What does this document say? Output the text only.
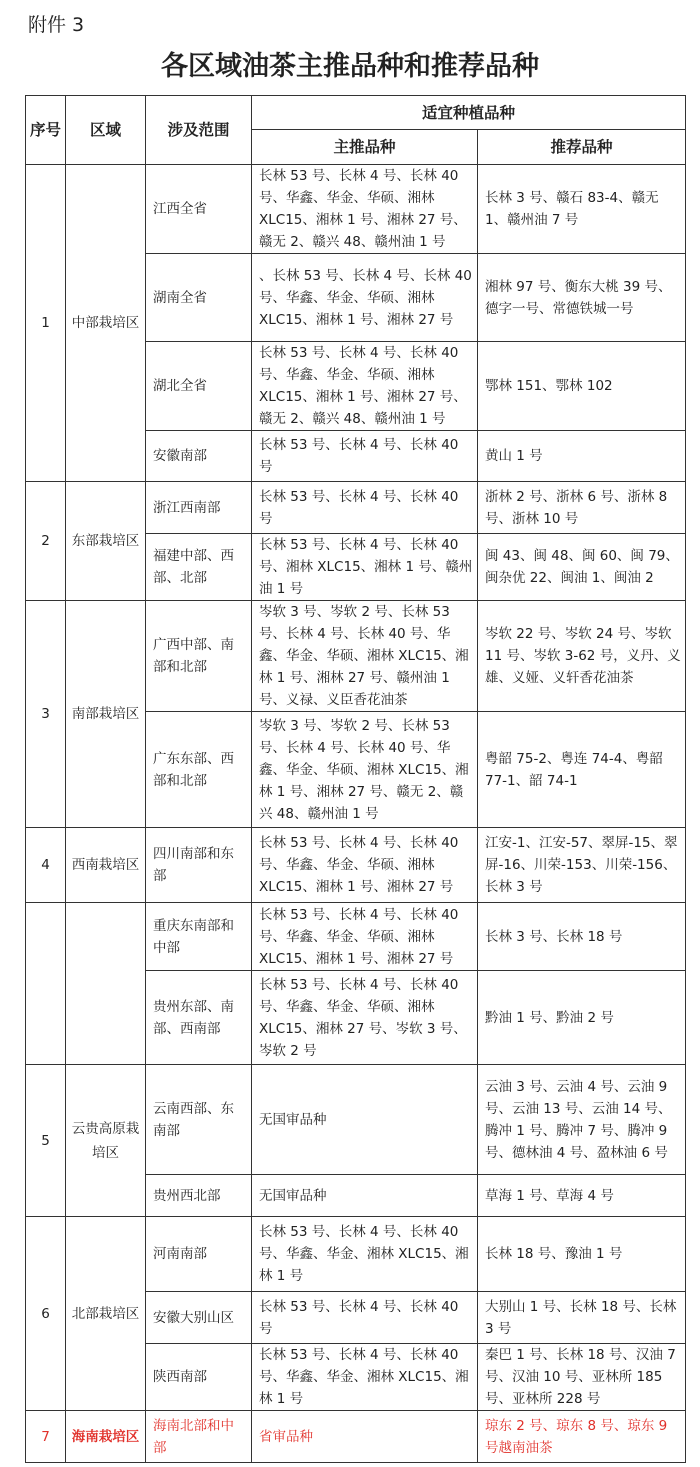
附件 3
各区域油茶主推品种和推荐品种
序号	区域	涉及范围	适宜种植品种	
			主推品种	推荐品种
1	中部栽培区	江西全省	长林 53 号、长林 4 号、长林 40 号、华鑫、华金、华硕、湘林 XLC15、湘林 1 号、湘林 27 号、赣无 2、赣兴 48、赣州油 1 号	长林 3 号、赣石 83-4、赣无 1、赣州油 7 号
		湖南全省	、长林 53 号、长林 4 号、长林 40 号、华鑫、华金、华硕、湘林 XLC15、湘林 1 号、湘林 27 号	湘林 97 号、衡东大桃 39 号、德字一号、常德铁城一号
		湖北全省	长林 53 号、长林 4 号、长林 40 号、华鑫、华金、华硕、湘林 XLC15、湘林 1 号、湘林 27 号、赣无 2、赣兴 48、赣州油 1 号	鄂林 151、鄂林 102
		安徽南部	长林 53 号、长林 4 号、长林 40 号	黄山 1 号
2	东部栽培区	浙江西南部	长林 53 号、长林 4 号、长林 40 号	浙林 2 号、浙林 6 号、浙林 8 号、浙林 10 号
		福建中部、西部、北部	长林 53 号、长林 4 号、长林 40 号、湘林 XLC15、湘林 1 号、赣州油 1 号	闽 43、闽 48、闽 60、闽 79、闽杂优 22、闽油 1、闽油 2
3	南部栽培区	广西中部、南部和北部	岑软 3 号、岑软 2 号、长林 53 号、长林 4 号、长林 40 号、华鑫、华金、华硕、湘林 XLC15、湘林 1 号、湘林 27 号、赣州油 1 号、义禄、义臣香花油茶	岑软 22 号、岑软 24 号、岑软 11 号、岑软 3-62 号，义丹、义雄、义娅、义轩香花油茶
		广东东部、西部和北部	岑软 3 号、岑软 2 号、长林 53 号、长林 4 号、长林 40 号、华鑫、华金、华硕、湘林 XLC15、湘林 1 号、湘林 27 号、赣无 2、赣兴 48、赣州油 1 号	粤韶 75-2、粤连 74-4、粤韶 77-1、韶 74-1
4	西南栽培区	四川南部和东部	长林 53 号、长林 4 号、长林 40 号、华鑫、华金、华硕、湘林 XLC15、湘林 1 号、湘林 27 号	江安-1、江安-57、翠屏-15、翠屏-16、川荣-153、川荣-156、长林 3 号
		重庆东南部和中部	长林 53 号、长林 4 号、长林 40 号、华鑫、华金、华硕、湘林 XLC15、湘林 1 号、湘林 27 号	长林 3 号、长林 18 号
		贵州东部、南部、西南部	长林 53 号、长林 4 号、长林 40 号、华鑫、华金、华硕、湘林 XLC15、湘林 27 号、岑软 3 号、岑软 2 号	黔油 1 号、黔油 2 号
5	云贵高原栽培区	云南西部、东南部	无国审品种	云油 3 号、云油 4 号、云油 9 号、云油 13 号、云油 14 号、腾冲 1 号、腾冲 7 号、腾冲 9 号、德林油 4 号、盈林油 6 号
		贵州西北部	无国审品种	草海 1 号、草海 4 号
6	北部栽培区	河南南部	长林 53 号、长林 4 号、长林 40 号、华鑫、华金、湘林 XLC15、湘林 1 号	长林 18 号、豫油 1 号
		安徽大别山区	长林 53 号、长林 4 号、长林 40 号	大别山 1 号、长林 18 号、长林 3 号
		陕西南部	长林 53 号、长林 4 号、长林 40 号、华鑫、华金、湘林 XLC15、湘林 1 号	秦巴 1 号、长林 18 号、汉油 7 号、汉油 10 号、亚林所 185 号、亚林所 228 号
7	海南栽培区	海南北部和中部	省审品种	琼东 2 号、琼东 8 号、琼东 9 号越南油茶
